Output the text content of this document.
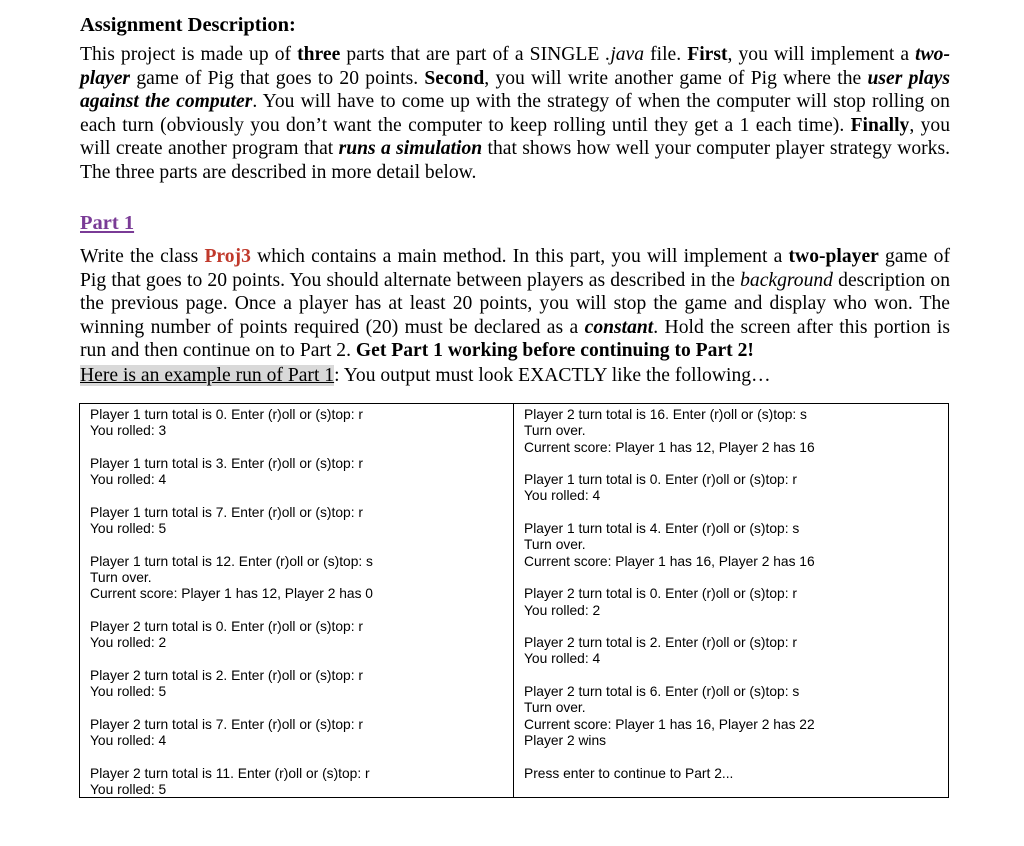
Assignment Description:

This project is made up of three parts that are part of a SINGLE .java file. First, you will implement a two-player game of Pig that goes to 20 points. Second, you will write another game of Pig where the user plays against the computer. You will have to come up with the strategy of when the computer will stop rolling on each turn (obviously you don’t want the computer to keep rolling until they get a 1 each time). Finally, you will create another program that runs a simulation that shows how well your computer player strategy works. The three parts are described in more detail below.

Part 1

Write the class Proj3 which contains a main method. In this part, you will implement a two-player game of Pig that goes to 20 points. You should alternate between players as described in the background description on the previous page. Once a player has at least 20 points, you will stop the game and display who won. The winning number of points required (20) must be declared as a constant. Hold the screen after this portion is run and then continue on to Part 2. Get Part 1 working before continuing to Part 2!

Here is an example run of Part 1: You output must look EXACTLY like the following…
Player 1 turn total is 0. Enter (r)oll or (s)top: r
You rolled: 3
Player 1 turn total is 3. Enter (r)oll or (s)top: r
You rolled: 4
Player 1 turn total is 7. Enter (r)oll or (s)top: r
You rolled: 5
Player 1 turn total is 12. Enter (r)oll or (s)top: s
Turn over.
Current score: Player 1 has 12, Player 2 has 0
Player 2 turn total is 0. Enter (r)oll or (s)top: r
You rolled: 2
Player 2 turn total is 2. Enter (r)oll or (s)top: r
You rolled: 5
Player 2 turn total is 7. Enter (r)oll or (s)top: r
You rolled: 4
Player 2 turn total is 11. Enter (r)oll or (s)top: r
You rolled: 5
Player 2 turn total is 16. Enter (r)oll or (s)top: s
Turn over.
Current score: Player 1 has 12, Player 2 has 16
Player 1 turn total is 0. Enter (r)oll or (s)top: r
You rolled: 4
Player 1 turn total is 4. Enter (r)oll or (s)top: s
Turn over.
Current score: Player 1 has 16, Player 2 has 16
Player 2 turn total is 0. Enter (r)oll or (s)top: r
You rolled: 2
Player 2 turn total is 2. Enter (r)oll or (s)top: r
You rolled: 4
Player 2 turn total is 6. Enter (r)oll or (s)top: s
Turn over.
Current score: Player 1 has 16, Player 2 has 22
Player 2 wins
Press enter to continue to Part 2...
